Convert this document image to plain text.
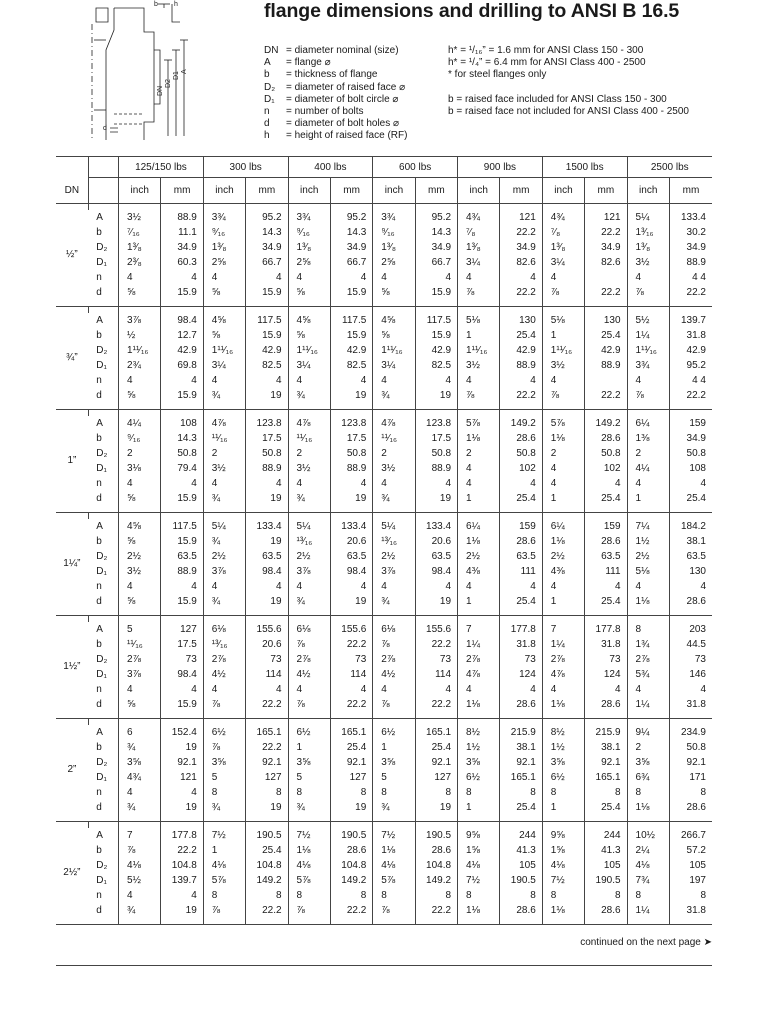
b h
d
DN
D2
D1 A
flange dimensions and drilling to ANSI B 16.5
DN = diameter nominal (size)
A = flange ⌀
b = thickness of flange
D₂ = diameter of raised face ⌀
D₁ = diameter of bolt circle ⌀
n = number of bolts
d = diameter of bolt holes ⌀
h = height of raised face (RF)
h* = ¹/₁₆” = 1.6 mm for ANSI Class 150 - 300
h* = ¹/₄” = 6.4 mm for ANSI Class 400 - 2500
* for steel flanges only
b = raised face included for ANSI Class 150 - 300
b = raised face not included for ANSI Class 400 - 2500
		125/150 lbs		300 lbs		400 lbs		600 lbs		900 lbs		1500 lbs		2500 lbs	
DN		inch	mm	inch	mm	inch	mm	inch	mm	inch	mm	inch	mm	inch	mm
½”															
	A	3½	88.9	3¾	95.2	3¾	95.2	3¾	95.2	4¾	121	4¾	121	5¼	133.4
	b	⁷⁄₁₆	11.1	⁹⁄₁₆	14.3	⁹⁄₁₆	14.3	⁹⁄₁₆	14.3	⁷⁄₈	22.2	⁷⁄₈	22.2	1³⁄₁₆	30.2
	D₂	1³⁄₈	34.9	1³⁄₈	34.9	1³⁄₈	34.9	1³⁄₈	34.9	1³⁄₈	34.9	1³⁄₈	34.9	1³⁄₈	34.9
	D₁	2³⁄₈	60.3	2⅝	66.7	2⅝	66.7	2⅝	66.7	3¼	82.6	3¼	82.6	3½	88.9
	n	4	4	4	4	4	4	4	4	4	4	4		4	4 4
	d	⅝	15.9	⅝	15.9	⅝	15.9	⅝	15.9	⅞	22.2	⅞	22.2	⅞	22.2

¾”															
	A	3⅞	98.4	4⅝	117.5	4⅝	117.5	4⅝	117.5	5⅛	130	5⅛	130	5½	139.7
	b	½	12.7	⅝	15.9	⅝	15.9	⅝	15.9	1	25.4	1	25.4	1¼	31.8
	D₂	1¹¹⁄₁₆	42.9	1¹¹⁄₁₆	42.9	1¹¹⁄₁₆	42.9	1¹¹⁄₁₆	42.9	1¹¹⁄₁₆	42.9	1¹¹⁄₁₆	42.9	1¹¹⁄₁₆	42.9
	D₁	2¾	69.8	3¼	82.5	3¼	82.5	3¼	82.5	3½	88.9	3½	88.9	3¾	95.2
	n	4	4	4	4	4	4	4	4	4	4	4		4	4 4
	d	⅝	15.9	¾	19	¾	19	¾	19	⅞	22.2	⅞	22.2	⅞	22.2

1”															
	A	4¼	108	4⅞	123.8	4⅞	123.8	4⅞	123.8	5⅞	149.2	5⅞	149.2	6¼	159
	b	⁹⁄₁₆	14.3	¹¹⁄₁₆	17.5	¹¹⁄₁₆	17.5	¹¹⁄₁₆	17.5	1⅛	28.6	1⅛	28.6	1⅜	34.9
	D₂	2	50.8	2	50.8	2	50.8	2	50.8	2	50.8	2	50.8	2	50.8
	D₁	3⅛	79.4	3½	88.9	3½	88.9	3½	88.9	4	102	4	102	4¼	108
	n	4	4	4	4	4	4	4	4	4	4	4	4	4	4
	d	⅝	15.9	¾	19	¾	19	¾	19	1	25.4	1	25.4	1	25.4

1¼”															
	A	4⅝	117.5	5¼	133.4	5¼	133.4	5¼	133.4	6¼	159	6¼	159	7¼	184.2
	b	⅝	15.9	¾	19	¹³⁄₁₆	20.6	¹³⁄₁₆	20.6	1⅛	28.6	1⅛	28.6	1½	38.1
	D₂	2½	63.5	2½	63.5	2½	63.5	2½	63.5	2½	63.5	2½	63.5	2½	63.5
	D₁	3½	88.9	3⅞	98.4	3⅞	98.4	3⅞	98.4	4⅜	111	4⅜	111	5⅛	130
	n	4	4	4	4	4	4	4	4	4	4	4	4	4	4
	d	⅝	15.9	¾	19	¾	19	¾	19	1	25.4	1	25.4	1⅛	28.6

1½”															
	A	5	127	6⅛	155.6	6⅛	155.6	6⅛	155.6	7	177.8	7	177.8	8	203
	b	¹¹⁄₁₆	17.5	¹³⁄₁₆	20.6	⅞	22.2	⅞	22.2	1¼	31.8	1¼	31.8	1¾	44.5
	D₂	2⅞	73	2⅞	73	2⅞	73	2⅞	73	2⅞	73	2⅞	73	2⅞	73
	D₁	3⅞	98.4	4½	114	4½	114	4½	114	4⅞	124	4⅞	124	5¾	146
	n	4	4	4	4	4	4	4	4	4	4	4	4	4	4
	d	⅝	15.9	⅞	22.2	⅞	22.2	⅞	22.2	1⅛	28.6	1⅛	28.6	1¼	31.8

2”															
	A	6	152.4	6½	165.1	6½	165.1	6½	165.1	8½	215.9	8½	215.9	9¼	234.9
	b	¾	19	⅞	22.2	1	25.4	1	25.4	1½	38.1	1½	38.1	2	50.8
	D₂	3⅝	92.1	3⅝	92.1	3⅝	92.1	3⅝	92.1	3⅝	92.1	3⅝	92.1	3⅝	92.1
	D₁	4¾	121	5	127	5	127	5	127	6½	165.1	6½	165.1	6¾	171
	n	4	4	8	8	8	8	8	8	8	8	8	8	8	8
	d	¾	19	¾	19	¾	19	¾	19	1	25.4	1	25.4	1⅛	28.6

2½”															
	A	7	177.8	7½	190.5	7½	190.5	7½	190.5	9⅝	244	9⅝	244	10½	266.7
	b	⅞	22.2	1	25.4	1⅛	28.6	1⅛	28.6	1⅝	41.3	1⅝	41.3	2¼	57.2
	D₂	4⅛	104.8	4⅛	104.8	4⅛	104.8	4⅛	104.8	4⅛	105	4⅛	105	4⅛	105
	D₁	5½	139.7	5⅞	149.2	5⅞	149.2	5⅞	149.2	7½	190.5	7½	190.5	7¾	197
	n	4	4	8	8	8	8	8	8	8	8	8	8	8	8
	d	¾	19	⅞	22.2	⅞	22.2	⅞	22.2	1⅛	28.6	1⅛	28.6	1¼	31.8

continued on the next page ➤
